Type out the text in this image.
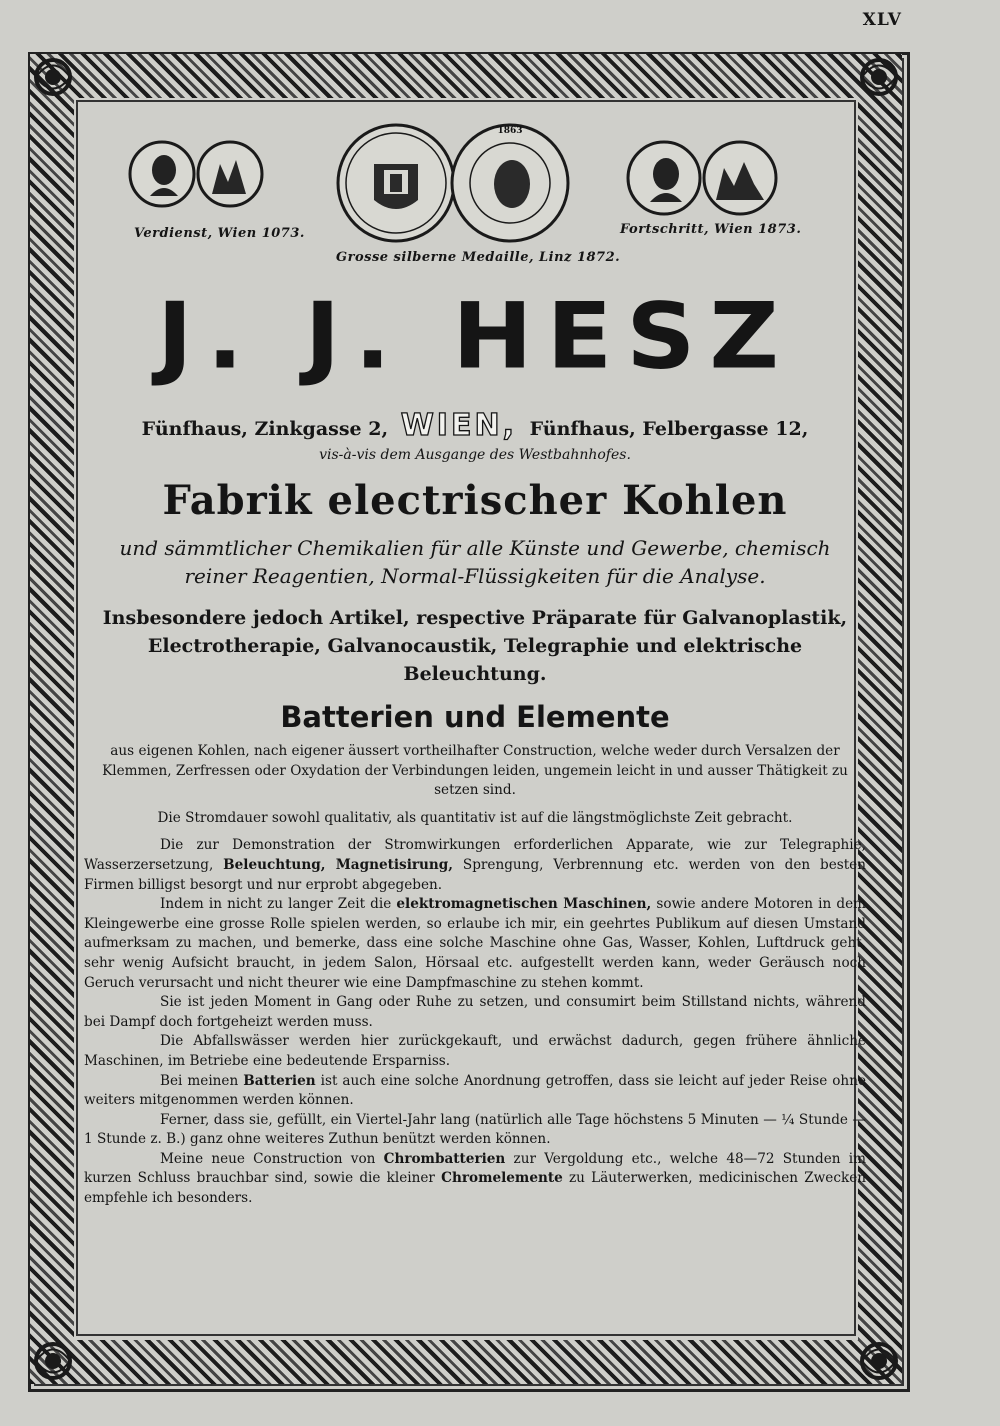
XLV
Verdienst, Wien 1073.
1863
Grosse silberne Medaille, Linz 1872.
Fortschritt, Wien 1873.
J. J. HESZ
Fünfhaus, Zinkgasse 2, WIEN, Fünfhaus, Felbergasse 12,
vis-à-vis dem Ausgange des Westbahnhofes.
Fabrik electrischer Kohlen
und sämmtlicher Chemikalien für alle Künste und Gewerbe, chemisch reiner Reagentien, Normal-Flüssigkeiten für die Analyse.
Insbesondere jedoch Artikel, respective Präparate für Galvanoplastik, Electrotherapie, Galvanocaustik, Telegraphie und elektrische Beleuchtung.
Batterien und Elemente

aus eigenen Kohlen, nach eigener äussert vortheilhafter Construction, welche weder durch Versalzen der Klemmen, Zerfressen oder Oxydation der Verbindungen leiden, ungemein leicht in und ausser Thätigkeit zu setzen sind.

Die Stromdauer sowohl qualitativ, als quantitativ ist auf die längstmöglichste Zeit gebracht.

Die zur Demonstration der Stromwirkungen erforderlichen Apparate, wie zur Telegraphie, Wasserzersetzung, Beleuchtung, Magnetisirung, Sprengung, Verbrennung etc. werden von den besten Firmen billigst besorgt und nur erprobt abgegeben.

Indem in nicht zu langer Zeit die elektromagnetischen Maschinen, sowie andere Motoren in dem Kleingewerbe eine grosse Rolle spielen werden, so erlaube ich mir, ein geehrtes Publikum auf diesen Umstand aufmerksam zu machen, und bemerke, dass eine solche Maschine ohne Gas, Wasser, Kohlen, Luftdruck geht, sehr wenig Aufsicht braucht, in jedem Salon, Hörsaal etc. aufgestellt werden kann, weder Geräusch noch Geruch verursacht und nicht theurer wie eine Dampfmaschine zu stehen kommt.

Sie ist jeden Moment in Gang oder Ruhe zu setzen, und consumirt beim Stillstand nichts, während bei Dampf doch fortgeheizt werden muss.

Die Abfallswässer werden hier zurückgekauft, und erwächst dadurch, gegen frühere ähnliche Maschinen, im Betriebe eine bedeutende Ersparniss.

Bei meinen Batterien ist auch eine solche Anordnung getroffen, dass sie leicht auf jeder Reise ohne weiters mitgenommen werden können.

Ferner, dass sie, gefüllt, ein Viertel-Jahr lang (natürlich alle Tage höchstens 5 Minuten — ¼ Stunde — 1 Stunde z. B.) ganz ohne weiteres Zuthun benützt werden können.

Meine neue Construction von Chrombatterien zur Vergoldung etc., welche 48—72 Stunden im kurzen Schluss brauchbar sind, sowie die kleiner Chromelemente zu Läuterwerken, medicinischen Zwecken empfehle ich besonders.
